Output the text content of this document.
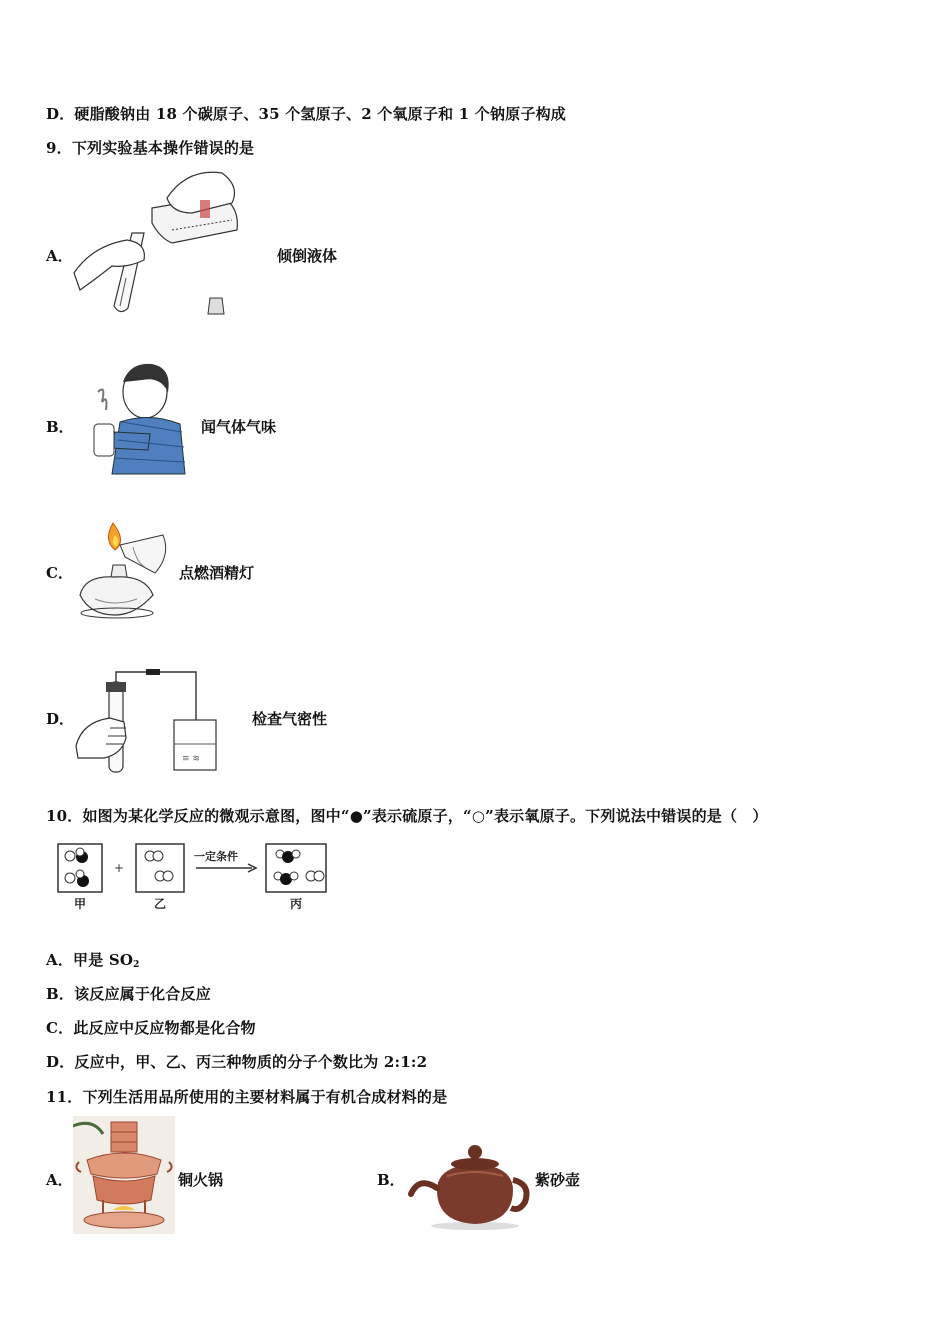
D．硬脂酸钠由 18 个碳原子、35 个氢原子、2 个氧原子和 1 个钠原子构成
9．下列实验基本操作错误的是
A．	倾倒液体
B．	闻气体气味
C．	点燃酒精灯
D．
≡ ≋
检查气密性
10．如图为某化学反应的微观示意图，图中“●”表示硫原子，“○”表示氧原子。下列说法中错误的是（　）
+
一定条件
甲	乙	丙
A．甲是 $SO_2$
B．该反应属于化合反应
C．此反应中反应物都是化合物
D．反应中，甲、乙、丙三种物质的分子个数比为 2:1:2
11．下列生活用品所使用的主要材料属于有机合成材料的是
A．	铜火锅	B．	紫砂壶
